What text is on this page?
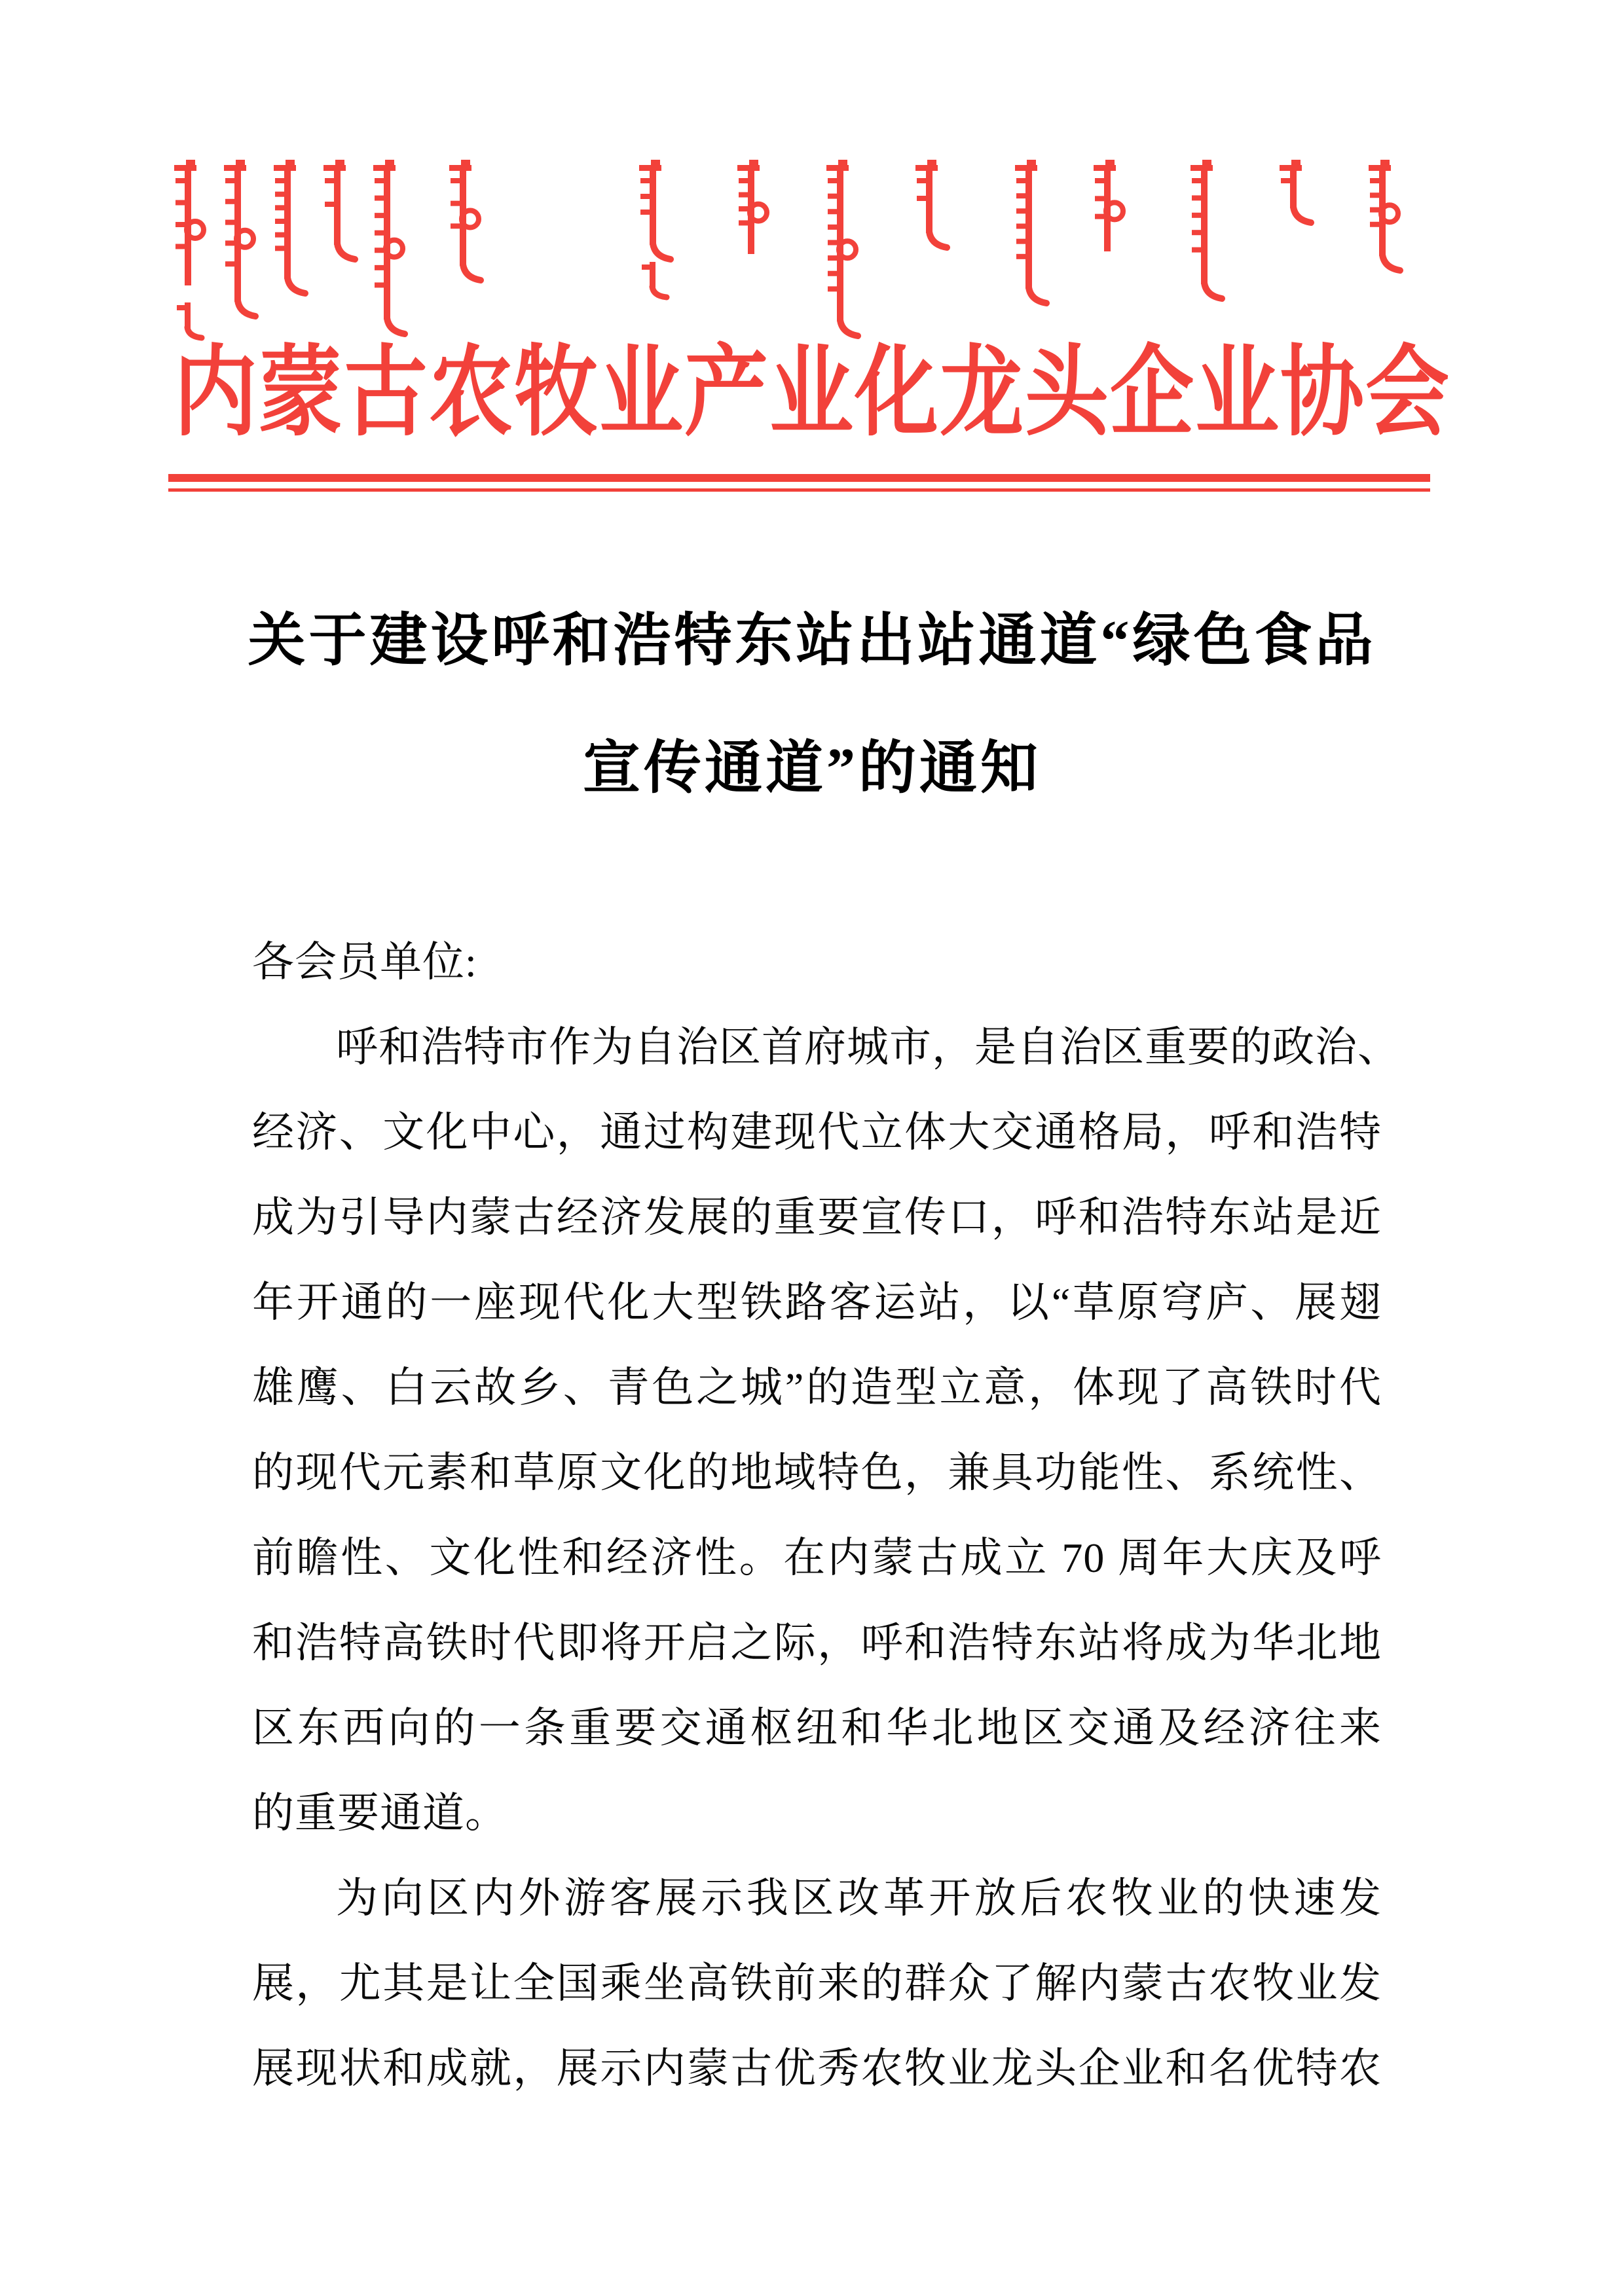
内蒙古农牧业产业化龙头企业协会
关于建设呼和浩特东站出站通道“绿色食品
宣传通道”的通知
各会员单位:
呼和浩特市作为自治区首府城市，是自治区重要的政治、
经济、文化中心，通过构建现代立体大交通格局，呼和浩特
成为引导内蒙古经济发展的重要宣传口，呼和浩特东站是近
年开通的一座现代化大型铁路客运站，以“草原穹庐、展翅
雄鹰、白云故乡、青色之城”的造型立意，体现了高铁时代
的现代元素和草原文化的地域特色，兼具功能性、系统性、
前瞻性、文化性和经济性。在内蒙古成立 70 周年大庆及呼
和浩特高铁时代即将开启之际，呼和浩特东站将成为华北地
区东西向的一条重要交通枢纽和华北地区交通及经济往来
的重要通道。
为向区内外游客展示我区改革开放后农牧业的快速发
展，尤其是让全国乘坐高铁前来的群众了解内蒙古农牧业发
展现状和成就，展示内蒙古优秀农牧业龙头企业和名优特农
